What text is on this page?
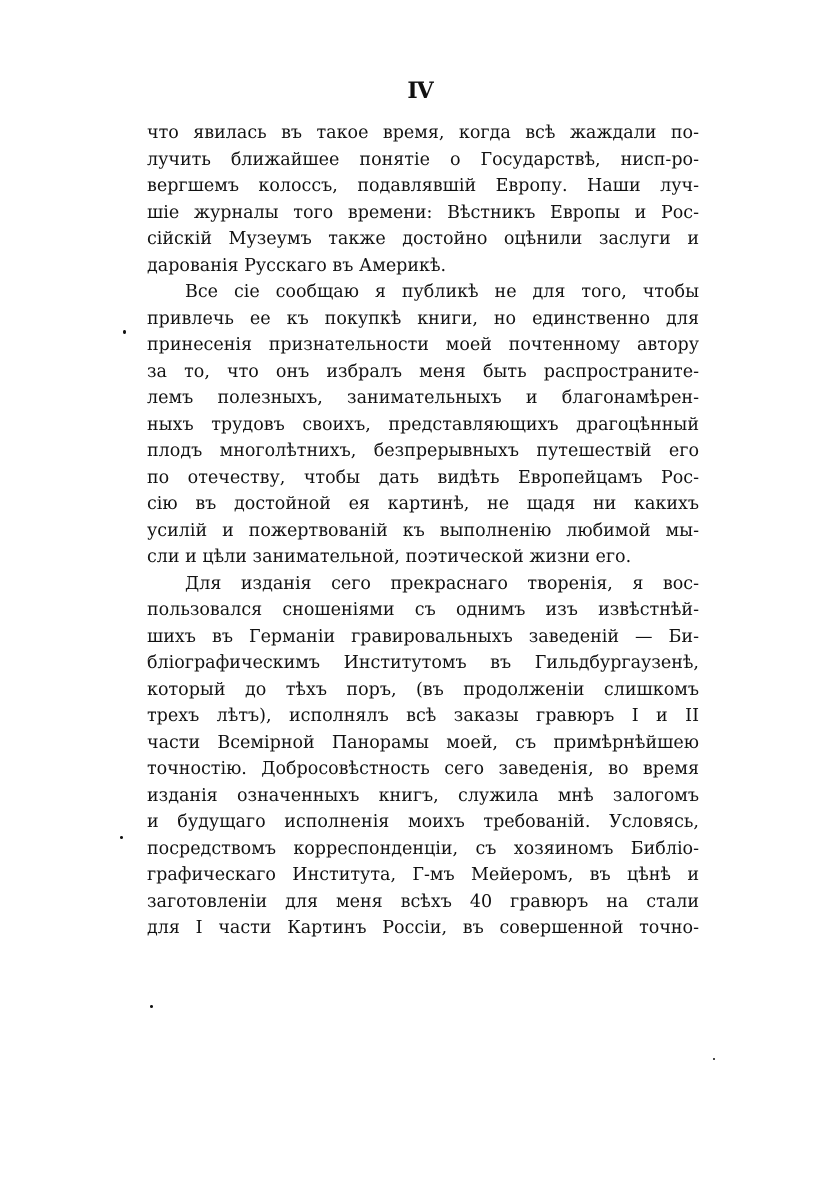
IV
что явилась въ такое время, когда всѣ жаждали по-
лучить ближайшее понятіе о Государствѣ, нисп-ро-
вергшемъ колоссъ, подавлявшій Европу. Наши луч-
шіе журналы того времени: Вѣстникъ Европы и Рос-
сійскій Музеумъ также достойно оцѣнили заслуги и
дарованія Русскаго въ Америкѣ.
Все сіе сообщаю я публикѣ не для того, чтобы
привлечь ее къ покупкѣ книги, но единственно для
принесенія признательности моей почтенному автору
за то, что онъ избралъ меня быть распространите-
лемъ полезныхъ, занимательныхъ и благонамѣрен-
ныхъ трудовъ своихъ, представляющихъ драгоцѣнный
плодъ многолѣтнихъ, безпрерывныхъ путешествій его
по отечеству, чтобы дать видѣть Европейцамъ Рос-
сію въ достойной ея картинѣ, не щадя ни какихъ
усилій и пожертвованій къ выполненію любимой мы-
сли и цѣли занимательной, поэтической жизни его.
Для изданія сего прекраснаго творенія, я вос-
пользовался сношеніями съ однимъ изъ извѣстнѣй-
шихъ въ Германіи гравировальныхъ заведеній — Би-
бліографическимъ Институтомъ въ Гильдбургаузенѣ,
который до тѣхъ поръ, (въ продолженіи слишкомъ
трехъ лѣтъ), исполнялъ всѣ заказы гравюръ I и II
части Всемірной Панорамы моей, съ примѣрнѣйшею
точностію. Добросовѣстность сего заведенія, во время
изданія означенныхъ книгъ, служила мнѣ залогомъ
и будущаго исполненія моихъ требованій. Условясь,
посредствомъ корреспонденціи, съ хозяиномъ Библіо-
графическаго Института, Г-мъ Мейеромъ, въ цѣнѣ и
заготовленіи для меня всѣхъ 40 гравюръ на стали
для I части Картинъ Россіи, въ совершенной точно-
